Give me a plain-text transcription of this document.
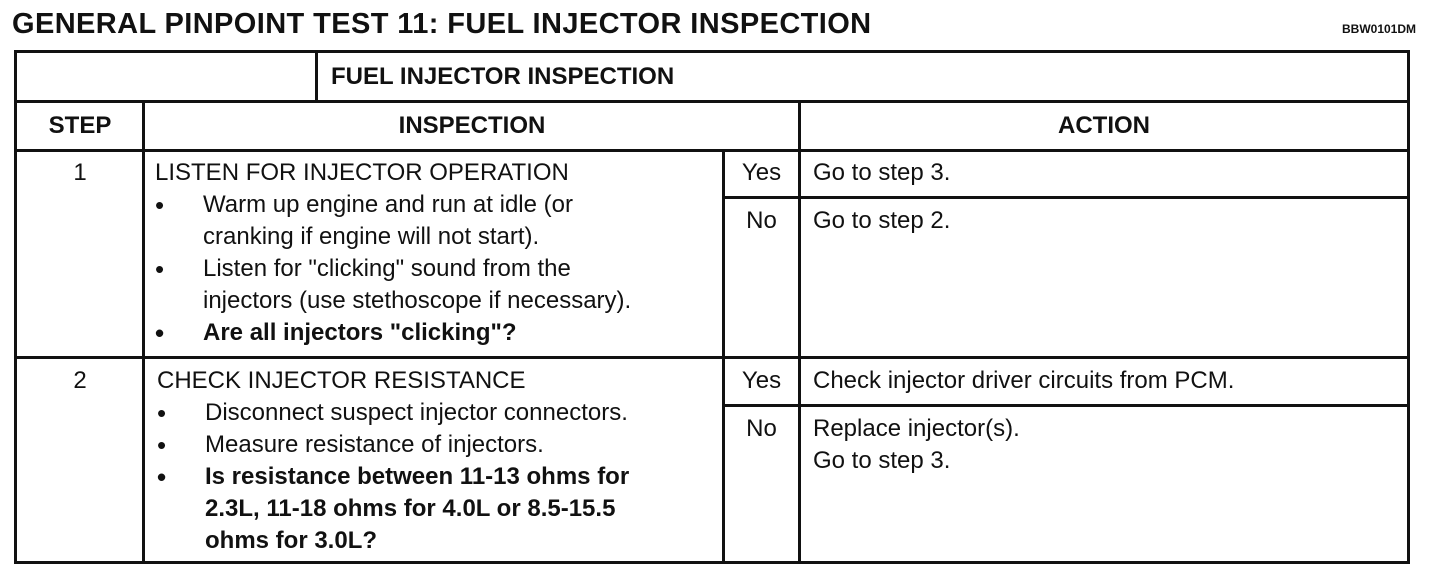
GENERAL PINPOINT TEST 11: FUEL INJECTOR INSPECTION	BBW0101DM
FUEL INJECTOR INSPECTION
STEP	INSPECTION	ACTION
1	LISTEN FOR INJECTOR OPERATION
• Warm up engine and run at idle (or
cranking if engine will not start).
• Listen for "clicking" sound from the
injectors (use stethoscope if necessary).
• Are all injectors "clicking"?
Yes	Go to step 3.
No	Go to step 2.
2	CHECK INJECTOR RESISTANCE
• Disconnect suspect injector connectors.
• Measure resistance of injectors.
• Is resistance between 11-13 ohms for
2.3L, 11-18 ohms for 4.0L or 8.5-15.5
ohms for 3.0L?
Yes	Check injector driver circuits from PCM.
No	Replace injector(s).
Go to step 3.
